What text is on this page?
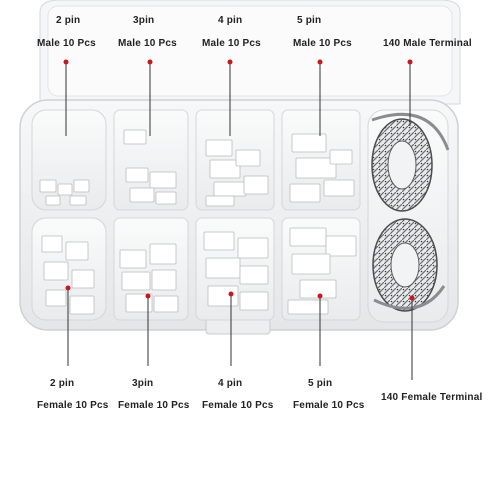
2 pin
Male 10 Pcs
3pin
Male 10 Pcs
4 pin
Male 10 Pcs
5 pin
Male 10 Pcs	140 Male Terminal
2 pin
Female 10 Pcs
3pin
Female 10 Pcs
4 pin
Female 10 Pcs
5 pin
Female 10 Pcs
140 Female Terminal
